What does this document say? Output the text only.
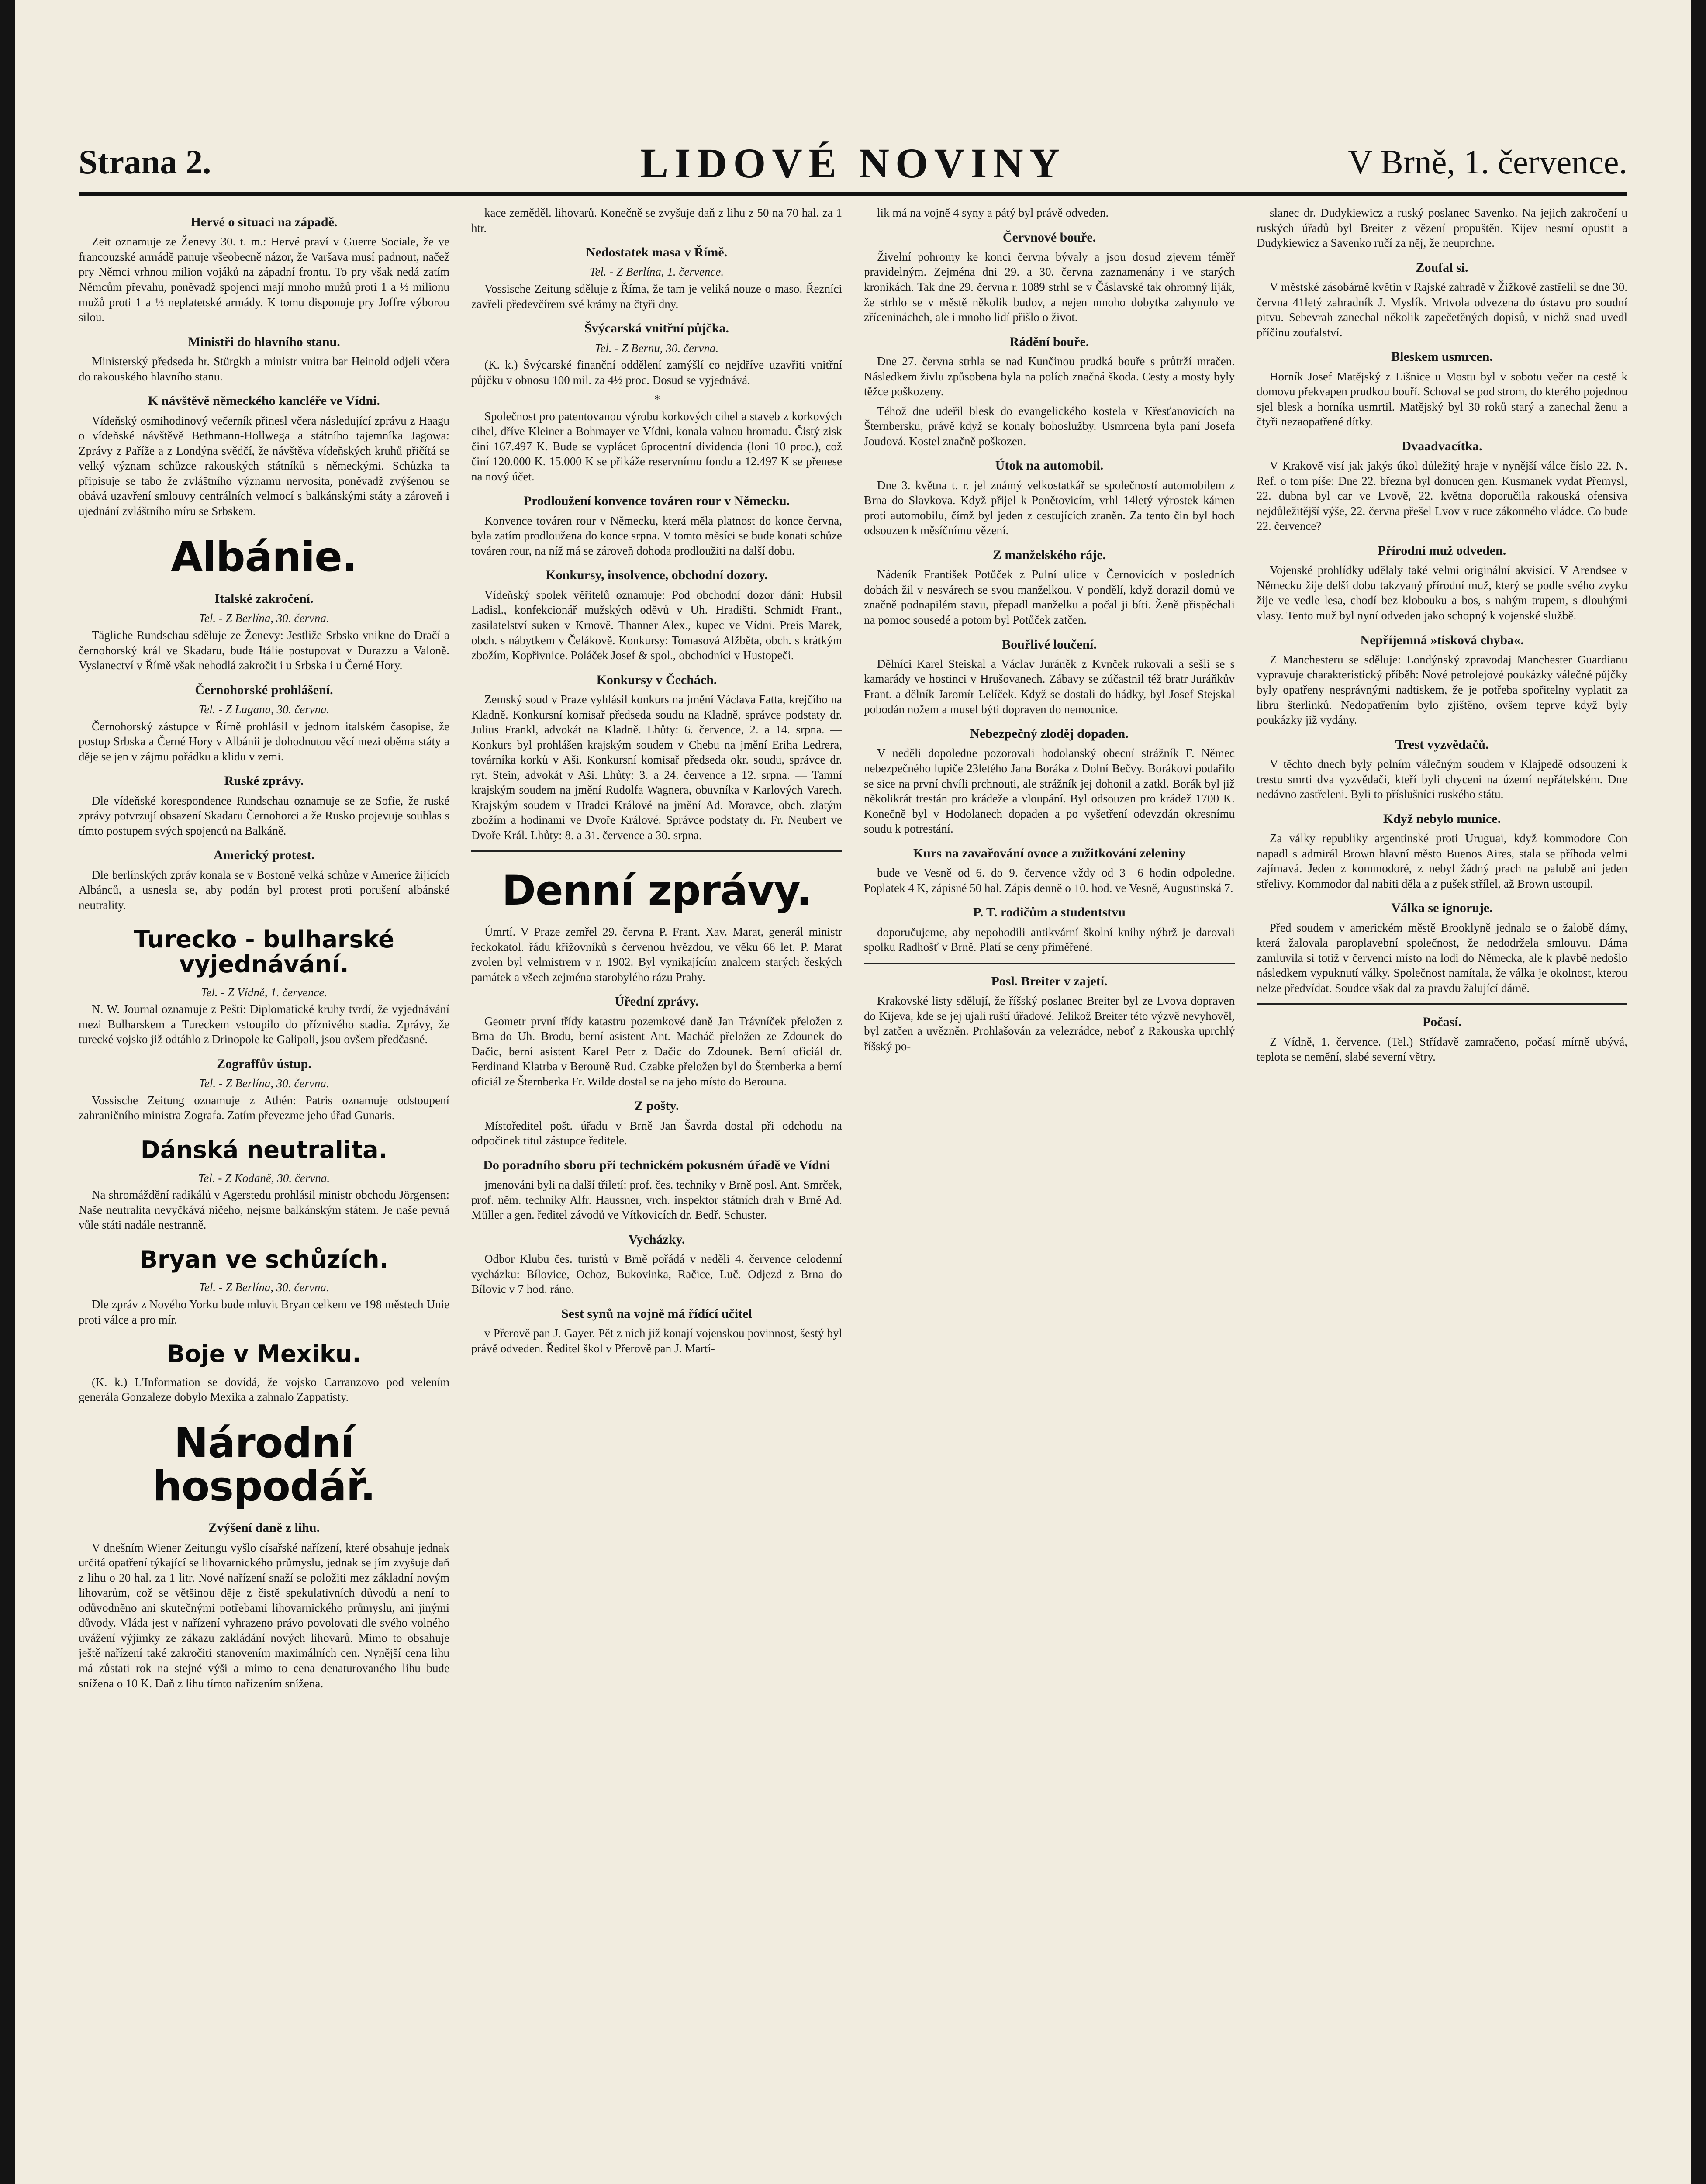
Strana 2.	LIDOVÉ NOVINY	V Brně, 1. července.
Hervé o situaci na západě.

Zeit oznamuje ze Ženevy 30. t. m.: Hervé praví v Guerre Sociale, že ve francouzské armádě panuje všeobecně názor, že Varšava musí padnout, načež pry Němci vrhnou milion vojáků na západní frontu. To pry však nedá zatím Němcům převahu, poněvadž spojenci mají mnoho mužů proti 1 a ½ milionu mužů proti 1 a ½ neplatetské armády. K tomu disponuje pry Joffre výborou silou.

Ministři do hlavního stanu.

Ministerský předseda hr. Stürgkh a ministr vnitra bar Heinold odjeli včera do rakouského hlavního stanu.

K návštěvě německého kancléře ve Vídni.

Vídeňský osmihodinový večerník přinesl včera následující zprávu z Haagu o vídeňské návštěvě Bethmann-Hollwega a státního tajemníka Jagowa: Zprávy z Paříže a z Londýna svědčí, že návštěva vídeňských kruhů přičítá se velký význam schůzce rakouských státníků s německými. Schůzka ta připisuje se tabo že zvláštního významu nervosita, poněvadž zvýšenou se obává uzavření smlouvy centrálních velmocí s balkánskými státy a zároveň i ujednání zvláštního míru se Srbskem.

Albánie.
Italské zakročení.
Tel. - Z Berlína, 30. června.

Tägliche Rundschau sděluje ze Ženevy: Jestliže Srbsko vnikne do Dračí a černohorský král ve Skadaru, bude Itálie postupovat v Durazzu a Valoně. Vyslanectví v Římě však nehodlá zakročit i u Srbska i u Černé Hory.

Černohorské prohlášení.
Tel. - Z Lugana, 30. června.

Černohorský zástupce v Římě prohlásil v jednom italském časopise, že postup Srbska a Černé Hory v Albánii je dohodnutou věcí mezi oběma státy a děje se jen v zájmu pořádku a klidu v zemi.

Ruské zprávy.

Dle vídeňské korespondence Rundschau oznamuje se ze Sofie, že ruské zprávy potvrzují obsazení Skadaru Černohorci a že Rusko projevuje souhlas s tímto postupem svých spojenců na Balkáně.

Americký protest.

Dle berlínských zpráv konala se v Bostoně velká schůze v Americe žijících Albánců, a usnesla se, aby podán byl protest proti porušení albánské neutrality.

Turecko - bulharské vyjednávání.
Tel. - Z Vídně, 1. července.

N. W. Journal oznamuje z Pešti: Diplomatické kruhy tvrdí, že vyjednávání mezi Bulharskem a Tureckem vstoupilo do příznivého stadia. Zprávy, že turecké vojsko již odtáhlo z Drinopole ke Galipoli, jsou ovšem předčasné.

Zograffův ústup.
Tel. - Z Berlína, 30. června.

Vossische Zeitung oznamuje z Athén: Patris oznamuje odstoupení zahraničního ministra Zografa. Zatím převezme jeho úřad Gunaris.

Dánská neutralita.
Tel. - Z Kodaně, 30. června.

Na shromáždění radikálů v Agerstedu prohlásil ministr obchodu Jörgensen: Naše neutralita nevyčkává ničeho, nejsme balkánským státem. Je naše pevná vůle státi nadále nestranně.

Bryan ve schůzích.
Tel. - Z Berlína, 30. června.

Dle zpráv z Nového Yorku bude mluvit Bryan celkem ve 198 městech Unie proti válce a pro mír.

Boje v Mexiku.

(K. k.) L'Information se dovídá, že vojsko Carranzovo pod velením generála Gonzaleze dobylo Mexika a zahnalo Zappatisty.

Národní hospodář.
Zvýšení daně z lihu.

V dnešním Wiener Zeitungu vyšlo císařské nařízení, které obsahuje jednak určitá opatření týkající se lihovarnického průmyslu, jednak se jím zvyšuje daň z lihu o 20 hal. za 1 litr. Nové nařízení snaží se položiti mez základní novým lihovarům, což se většinou děje z čistě spekulativních důvodů a není to odůvodněno ani skutečnými potřebami lihovarnického průmyslu, ani jinými důvody. Vláda jest v nařízení vyhrazeno právo povolovati dle svého volného uvážení výjimky ze zákazu zakládání nových lihovarů. Mimo to obsahuje ještě nařízení také zakročiti stanovením maximálních cen. Nynější cena lihu má zůstati rok na stejné výši a mimo to cena denaturovaného lihu bude snížena o 10 K. Daň z lihu tímto nařízením snížena.

kace zeměděl. lihovarů. Konečně se zvyšuje daň z lihu z 50 na 70 hal. za 1 htr.

Nedostatek masa v Římě.
Tel. - Z Berlína, 1. července.

Vossische Zeitung sděluje z Říma, že tam je veliká nouze o maso. Řezníci zavřeli předevčírem své krámy na čtyři dny.

Švýcarská vnitřní půjčka.
Tel. - Z Bernu, 30. června.

(K. k.) Švýcarské finanční oddělení zamýšlí co nejdříve uzavřiti vnitřní půjčku v obnosu 100 mil. za 4½ proc. Dosud se vyjednává.

*

Společnost pro patentovanou výrobu korkových cihel a staveb z korkových cihel, dříve Kleiner a Bohmayer ve Vídni, konala valnou hromadu. Čistý zisk činí 167.497 K. Bude se vyplácet 6procentní dividenda (loni 10 proc.), což činí 120.000 K. 15.000 K se přikáže reservnímu fondu a 12.497 K se přenese na nový účet.

Prodloužení konvence továren rour v Německu.

Konvence továren rour v Německu, která měla platnost do konce června, byla zatím prodloužena do konce srpna. V tomto měsíci se bude konati schůze továren rour, na níž má se zároveň dohoda prodloužiti na další dobu.

Konkursy, insolvence, obchodní dozory.

Vídeňský spolek věřitelů oznamuje: Pod obchodní dozor dáni: Hubsil Ladisl., konfekcionář mužských oděvů v Uh. Hradišti. Schmidt Frant., zasilatelství suken v Krnově. Thanner Alex., kupec ve Vídni. Preis Marek, obch. s nábytkem v Čelákově. Konkursy: Tomasová Alžběta, obch. s krátkým zbožím, Kopřivnice. Poláček Josef & spol., obchodníci v Hustopeči.

Konkursy v Čechách.

Zemský soud v Praze vyhlásil konkurs na jmění Václava Fatta, krejčího na Kladně. Konkursní komisař předseda soudu na Kladně, správce podstaty dr. Julius Frankl, advokát na Kladně. Lhůty: 6. července, 2. a 14. srpna. — Konkurs byl prohlášen krajským soudem v Chebu na jmění Eriha Ledrera, továrníka korků v Aši. Konkursní komisař předseda okr. soudu, správce dr. ryt. Stein, advokát v Aši. Lhůty: 3. a 24. července a 12. srpna. — Tamní krajským soudem na jmění Rudolfa Wagnera, obuvníka v Karlových Varech. Krajským soudem v Hradci Králové na jmění Ad. Moravce, obch. zlatým zbožím a hodinami ve Dvoře Králové. Správce podstaty dr. Fr. Neubert ve Dvoře Král. Lhůty: 8. a 31. července a 30. srpna.

Denní zprávy.

Úmrtí. V Praze zemřel 29. června P. Frant. Xav. Marat, generál ministr řeckokatol. řádu křižovníků s červenou hvězdou, ve věku 66 let. P. Marat zvolen byl velmistrem v r. 1902. Byl vynikajícím znalcem starých českých památek a všech zejména starobylého rázu Prahy.

Úřední zprávy.

Geometr první třídy katastru pozemkové daně Jan Trávníček přeložen z Brna do Uh. Brodu, berní asistent Ant. Macháč přeložen ze Zdounek do Dačic, berní asistent Karel Petr z Dačic do Zdounek. Berní oficiál dr. Ferdinand Klatrba v Berouně Rud. Czabke přeložen byl do Šternberka a berní oficiál ze Šternberka Fr. Wilde dostal se na jeho místo do Berouna.

Z pošty.

Místoředitel pošt. úřadu v Brně Jan Šavrda dostal při odchodu na odpočinek titul zástupce ředitele.

Do poradního sboru při technickém pokusném úřadě ve Vídni

jmenováni byli na další třiletí: prof. čes. techniky v Brně posl. Ant. Smrček, prof. něm. techniky Alfr. Haussner, vrch. inspektor státních drah v Brně Ad. Müller a gen. ředitel závodů ve Vítkovicích dr. Bedř. Schuster.

Vycházky.

Odbor Klubu čes. turistů v Brně pořádá v neděli 4. července celodenní vycházku: Bílovice, Ochoz, Bukovinka, Račice, Luč. Odjezd z Brna do Bílovic v 7 hod. ráno.

Sest synů na vojně má řídící učitel

v Přerově pan J. Gayer. Pět z nich již konají vojenskou povinnost, šestý byl právě odveden. Ředitel škol v Přerově pan J. Martí-

lik má na vojně 4 syny a pátý byl právě odveden.

Červnové bouře.

Živelní pohromy ke konci června bývaly a jsou dosud zjevem téměř pravidelným. Zejména dni 29. a 30. června zaznamenány i ve starých kronikách. Tak dne 29. června r. 1089 strhl se v Čáslavské tak ohromný liják, že strhlo se v městě několik budov, a nejen mnoho dobytka zahynulo ve zřícenináchch, ale i mnoho lidí přišlo o život.

Rádění bouře.

Dne 27. června strhla se nad Kunčinou prudká bouře s průtrží mračen. Následkem živlu způsobena byla na polích značná škoda. Cesty a mosty byly těžce poškozeny.

Téhož dne udeřil blesk do evangelického kostela v Křesťanovicích na Šternbersku, právě když se konaly bohoslužby. Usmrcena byla paní Josefa Joudová. Kostel značně poškozen.

Útok na automobil.

Dne 3. května t. r. jel známý velkostatkář se společností automobilem z Brna do Slavkova. Když přijel k Ponětovicím, vrhl 14letý výrostek kámen proti automobilu, čímž byl jeden z cestujících zraněn. Za tento čin byl hoch odsouzen k měsíčnímu vězení.

Z manželského ráje.

Nádeník František Potůček z Pulní ulice v Černovicích v posledních dobách žil v nesvárech se svou manželkou. V pondělí, když dorazil domů ve značně podnapilém stavu, přepadl manželku a počal ji bíti. Ženě přispěchali na pomoc sousedé a potom byl Potůček zatčen.

Bouřlivé loučení.

Dělníci Karel Steiskal a Václav Juráněk z Kvnček rukovali a sešli se s kamarády ve hostinci v Hrušovanech. Zábavy se zúčastnil též bratr Juráňkův Frant. a dělník Jaromír Lelíček. Když se dostali do hádky, byl Josef Stejskal pobodán nožem a musel býti dopraven do nemocnice.

Nebezpečný zloděj dopaden.

V neděli dopoledne pozorovali hodolanský obecní strážník F. Němec nebezpečného lupiče 23letého Jana Boráka z Dolní Bečvy. Borákovi podařilo se sice na první chvíli prchnouti, ale strážník jej dohonil a zatkl. Borák byl již několikrát trestán pro krádeže a vloupání. Byl odsouzen pro krádež 1700 K. Konečně byl v Hodolanech dopaden a po vyšetření odevzdán okresnímu soudu k potrestání.

Kurs na zavařování ovoce a zužitkování zeleniny

bude ve Vesně od 6. do 9. července vždy od 3—6 hodin odpoledne. Poplatek 4 K, zápisné 50 hal. Zápis denně o 10. hod. ve Vesně, Augustinská 7.

P. T. rodičům a studentstvu

doporučujeme, aby nepohodili antikvární školní knihy nýbrž je darovali spolku Radhošť v Brně. Platí se ceny přiměřené.

Posl. Breiter v zajetí.

Krakovské listy sdělují, že říšský poslanec Breiter byl ze Lvova dopraven do Kijeva, kde se jej ujali ruští úřadové. Jelikož Breiter této výzvě nevyhověl, byl zatčen a uvězněn. Prohlašován za velezrádce, neboť z Rakouska uprchlý říšský po-

slanec dr. Dudykiewicz a ruský poslanec Savenko. Na jejich zakročení u ruských úřadů byl Breiter z vězení propuštěn. Kijev nesmí opustit a Dudykiewicz a Savenko ručí za něj, že neuprchne.

Zoufal si.

V městské zásobárně květin v Rajské zahradě v Žižkově zastřelil se dne 30. června 41letý zahradník J. Myslík. Mrtvola odvezena do ústavu pro soudní pitvu. Sebevrah zanechal několik zapečetěných dopisů, v nichž snad uvedl příčinu zoufalství.

Bleskem usmrcen.

Horník Josef Matějský z Lišnice u Mostu byl v sobotu večer na cestě k domovu překvapen prudkou bouří. Schoval se pod strom, do kterého pojednou sjel blesk a horníka usmrtil. Matějský byl 30 roků starý a zanechal ženu a čtyři nezaopatřené dítky.

Dvaadvacítka.

V Krakově visí jak jakýs úkol důležitý hraje v nynější válce číslo 22. N. Ref. o tom píše: Dne 22. března byl donucen gen. Kusmanek vydat Přemysl, 22. dubna byl car ve Lvově, 22. května doporučila rakouská ofensiva nejdůležitější výše, 22. června přešel Lvov v ruce zákonného vládce. Co bude 22. července?

Přírodní muž odveden.

Vojenské prohlídky udělaly také velmi originální akvisicí. V Arendsee v Německu žije delší dobu takzvaný přírodní muž, který se podle svého zvyku žije ve vedle lesa, chodí bez klobouku a bos, s nahým trupem, s dlouhými vlasy. Tento muž byl nyní odveden jako schopný k vojenské službě.

Nepříjemná »tisková chyba«.

Z Manchesteru se sděluje: Londýnský zpravodaj Manchester Guardianu vypravuje charakteristický příběh: Nové petrolejové poukázky válečné půjčky byly opatřeny nesprávnými nadtiskem, že je potřeba spořitelny vyplatit za libru šterlinků. Nedopatřením bylo zjištěno, ovšem teprve když byly poukázky již vydány.

Trest vyzvědačů.

V těchto dnech byly polním válečným soudem v Klajpedě odsouzeni k trestu smrti dva vyzvědači, kteří byli chyceni na území nepřátelském. Dne nedávno zastřeleni. Byli to příslušníci ruského státu.

Když nebylo munice.

Za války republiky argentinské proti Uruguai, když kommodore Con napadl s admirál Brown hlavní město Buenos Aires, stala se příhoda velmi zajímavá. Jeden z kommodoré, z nebyl žádný prach na palubě ani jeden střelivy. Kommodor dal nabiti děla a z pušek střílel, až Brown ustoupil.

Válka se ignoruje.

Před soudem v americkém městě Brooklyně jednalo se o žalobě dámy, která žalovala paroplavební společnost, že nedodržela smlouvu. Dáma zamluvila si totiž v červenci místo na lodi do Německa, ale k plavbě nedošlo následkem vypuknutí války. Společnost namítala, že válka je okolnost, kterou nelze předvídat. Soudce však dal za pravdu žalující dámě.

Počasí.

Z Vídně, 1. července. (Tel.) Střídavě zamračeno, počasí mírně ubývá, teplota se nemění, slabé severní větry.
